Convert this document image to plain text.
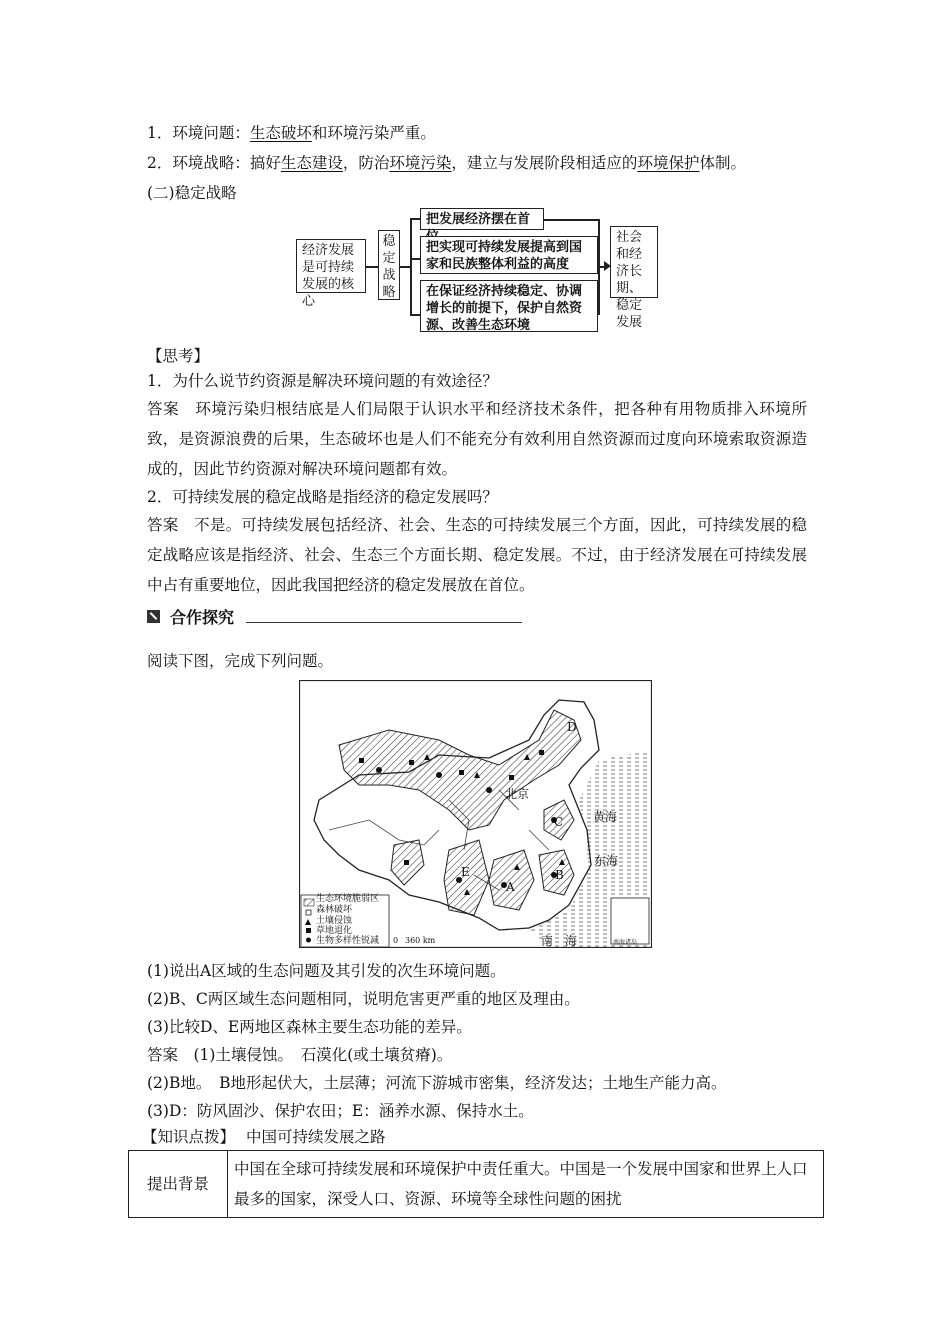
1．环境问题：生态破坏和环境污染严重。
2．环境战略：搞好生态建设，防治环境污染，建立与发展阶段相适应的环境保护体制。
(二)稳定战略
经济发展是可持续发展的核心
稳定战略
把发展经济摆在首
把实现可持续发展提高到国家和民族整体利益的高度
在保证经济持续稳定、协调增长的前提下，保护自然资源、改善生态环境
社会和经济长期、稳定发展
【思考】
1．为什么说节约资源是解决环境问题的有效途径？
答案　环境污染归根结底是人们局限于认识水平和经济技术条件，把各种有用物质排入环境所致，是资源浪费的后果，生态破坏也是人们不能充分有效利用自然资源而过度向环境索取资源造成的，因此节约资源对解决环境问题都有效。
2．可持续发展的稳定战略是指经济的稳定发展吗？
答案　不是。可持续发展包括经济、社会、生态的可持续发展三个方面，因此，可持续发展的稳定战略应该是指经济、社会、生态三个方面长期、稳定发展。不过，由于经济发展在可持续发展中占有重要地位，因此我国把经济的稳定发展放在首位。
合作探究
阅读下图，完成下列问题。
生态环境脆弱区
森林破坏
土壤侵蚀
草地退化
生物多样性锐减 0 360 km
北京
黄海
东海
南　海
A
B
C
D
E
南海诸岛
(1)说出A区域的生态问题及其引发的次生环境问题。
(2)B、C两区域生态问题相同，说明危害更严重的地区及理由。
(3)比较D、E两地区森林主要生态功能的差异。
答案　(1)土壤侵蚀。　石漠化(或土壤贫瘠)。
(2)B地。　B地形起伏大，土层薄；河流下游城市密集，经济发达；土地生产能力高。
(3)D：防风固沙、保护农田；E：涵养水源、保持水土。
【知识点拨】 中国可持续发展之路
提出背景	中国在全球可持续发展和环境保护中责任重大。中国是一个发展中国家和世界上人口最多的国家，深受人口、资源、环境等全球性问题的困扰
